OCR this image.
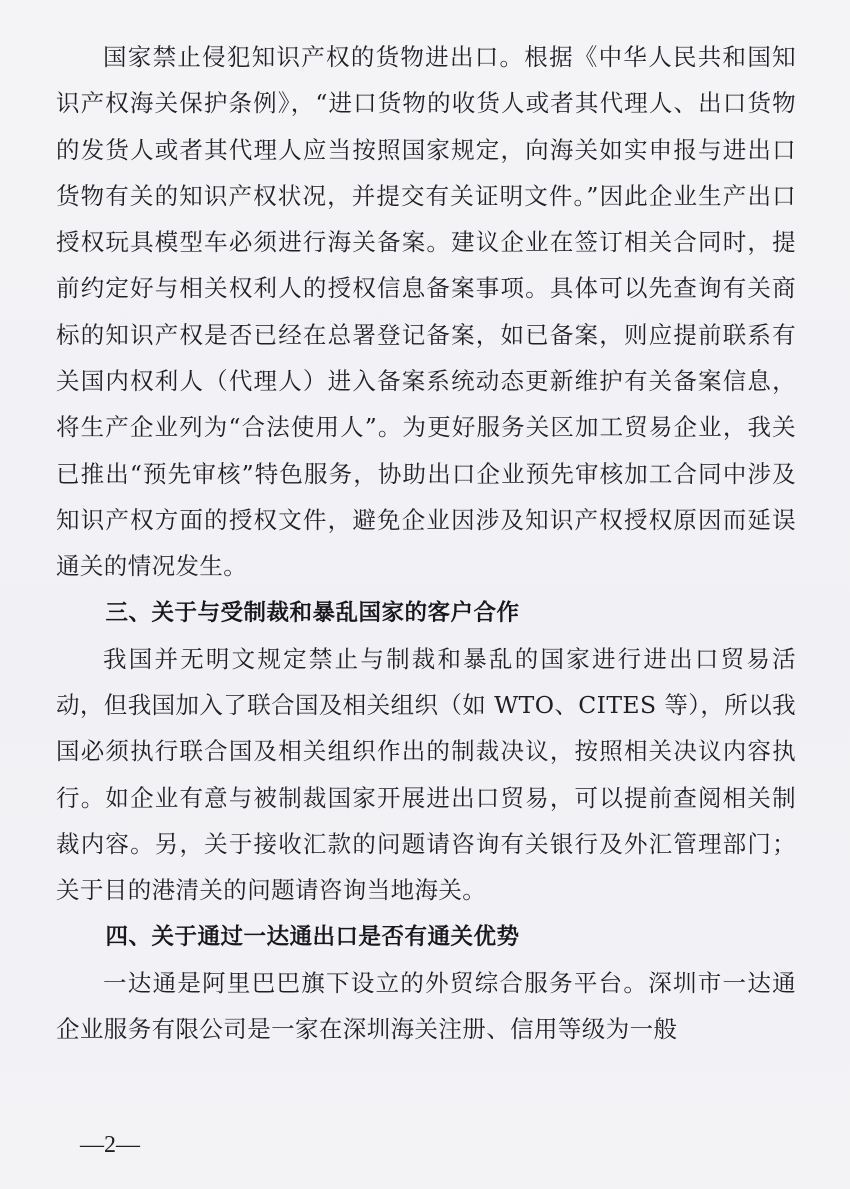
国家禁止侵犯知识产权的货物进出口。根据《中华人民共和国知识产权海关保护条例》，“进口货物的收货人或者其代理人、出口货物的发货人或者其代理人应当按照国家规定，向海关如实申报与进出口货物有关的知识产权状况，并提交有关证明文件。”因此企业生产出口授权玩具模型车必须进行海关备案。建议企业在签订相关合同时，提前约定好与相关权利人的授权信息备案事项。具体可以先查询有关商标的知识产权是否已经在总署登记备案，如已备案，则应提前联系有关国内权利人（代理人）进入备案系统动态更新维护有关备案信息，将生产企业列为“合法使用人”。为更好服务关区加工贸易企业，我关已推出“预先审核”特色服务，协助出口企业预先审核加工合同中涉及知识产权方面的授权文件，避免企业因涉及知识产权授权原因而延误通关的情况发生。

三、关于与受制裁和暴乱国家的客户合作

我国并无明文规定禁止与制裁和暴乱的国家进行进出口贸易活动，但我国加入了联合国及相关组织（如 WTO、CITES 等），所以我国必须执行联合国及相关组织作出的制裁决议，按照相关决议内容执行。如企业有意与被制裁国家开展进出口贸易，可以提前查阅相关制裁内容。另，关于接收汇款的问题请咨询有关银行及外汇管理部门；关于目的港清关的问题请咨询当地海关。

四、关于通过一达通出口是否有通关优势

一达通是阿里巴巴旗下设立的外贸综合服务平台。深圳市一达通企业服务有限公司是一家在深圳海关注册、信用等级为一般

—2—
